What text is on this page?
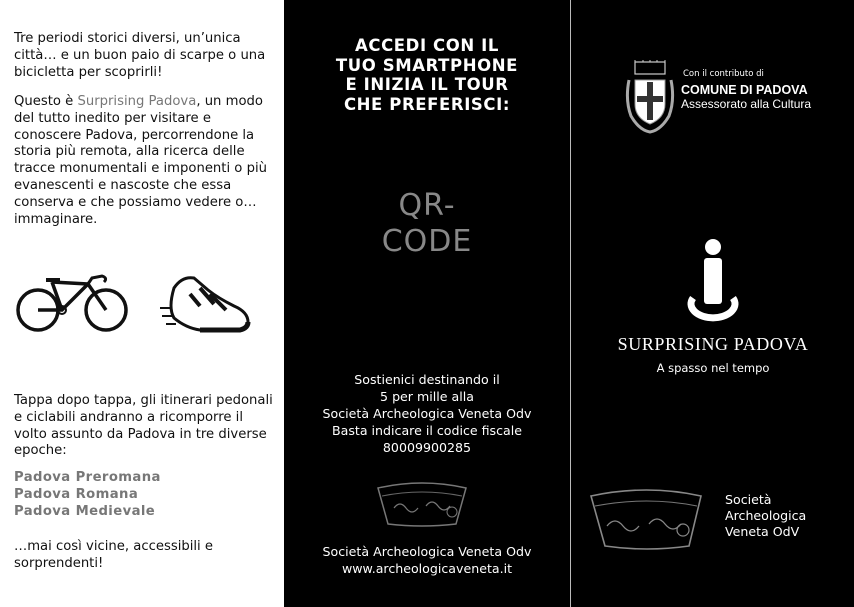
Tre periodi storici diversi, un’unica città… e un buon paio di scarpe o una bicicletta per scoprirli!

Questo è Surprising Padova, un modo del tutto inedito per visitare e conoscere Padova, percorrendone la storia più remota, alla ricerca delle tracce monumentali e imponenti o più evanescenti e nascoste che essa conserva e che possiamo vedere o… immaginare.

Tappa dopo tappa, gli itinerari pedonali e ciclabili andranno a ricomporre il volto assunto da Padova in tre diverse epoche:

Padova Preromana
Padova Romana
Padova Medievale

…mai così vicine, accessibili e sorprendenti!

ACCEDI CON IL
TUO SMARTPHONE
E INIZIA IL TOUR
CHE PREFERISCI:
QR-
CODE
Sostienici destinando il
5 per mille alla
Società Archeologica Veneta Odv
Basta indicare il codice fiscale
80009900285
Società Archeologica Veneta Odv
www.archeologicaveneta.it
Con il contributo di
COMUNE DI PADOVA
Assessorato alla Cultura
SURPRISING PADOVA
A spasso nel tempo
Società
Archeologica
Veneta OdV
